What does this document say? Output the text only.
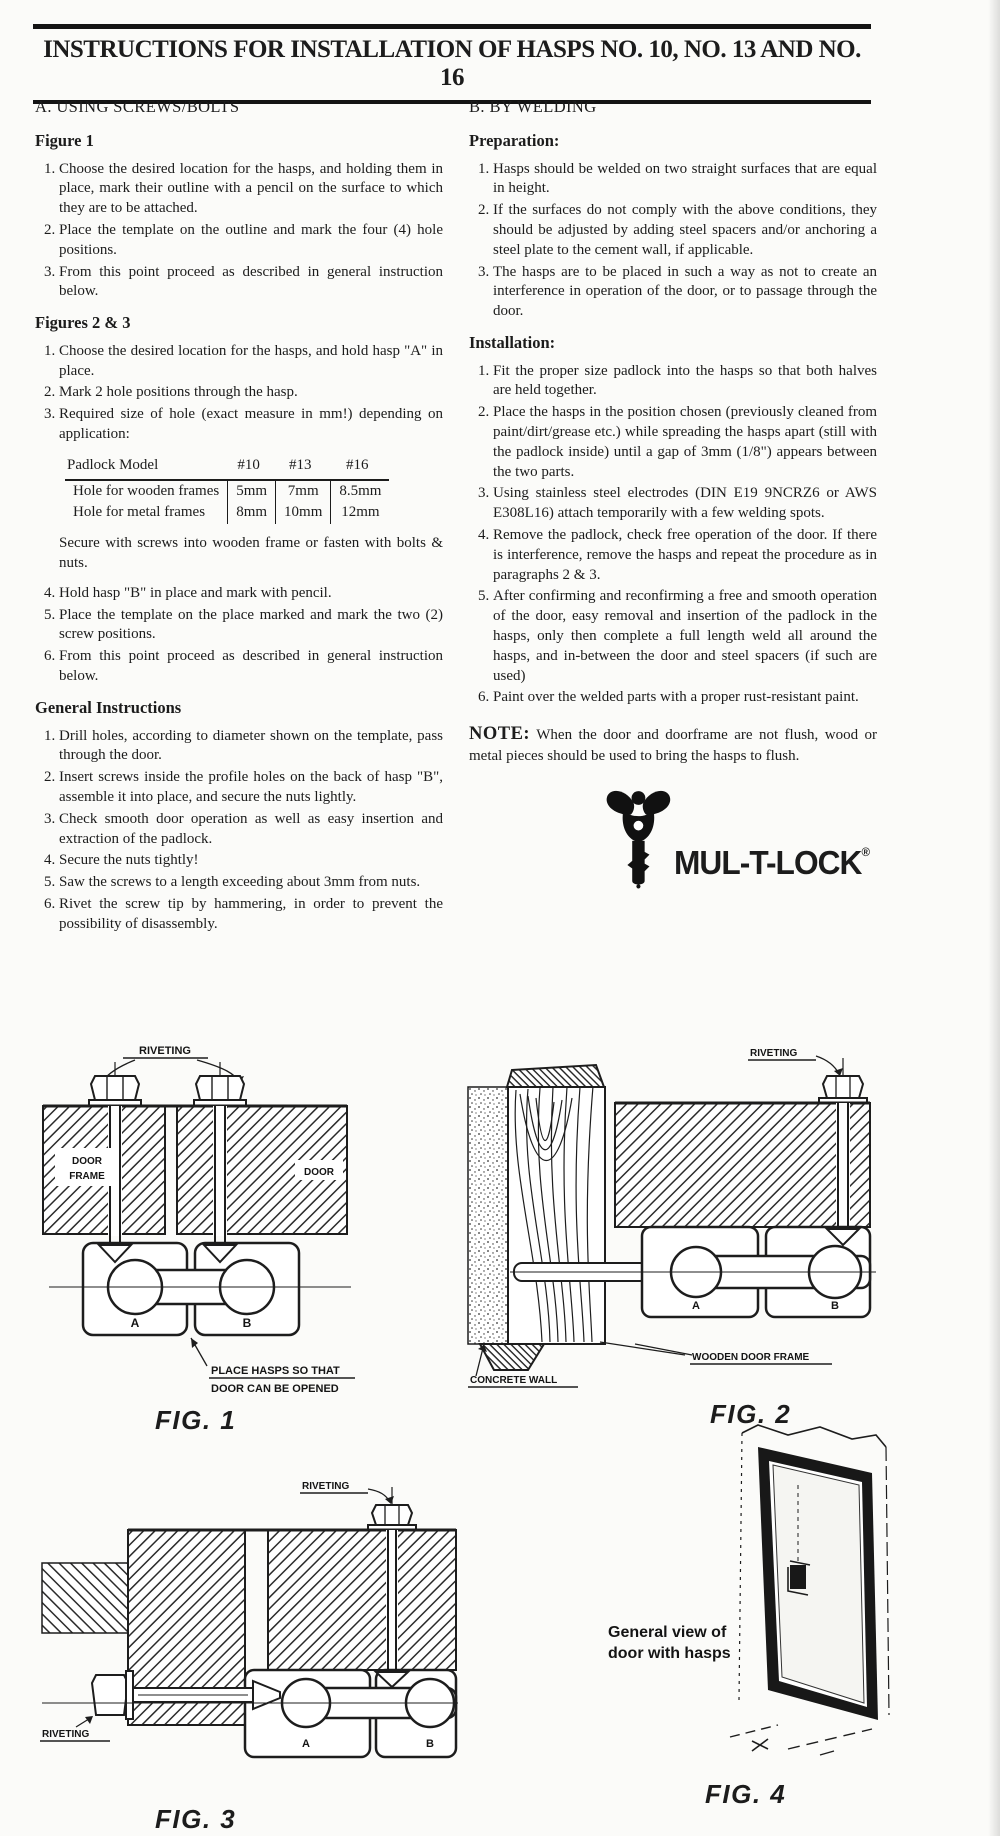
INSTRUCTIONS FOR INSTALLATION OF HASPS NO. 10, NO. 13 AND NO. 16
A. USING SCREWS/BOLTS
Figure 1
1. Choose the desired location for the hasps, and holding them in place, mark their outline with a pencil on the surface to which they are to be attached.
2. Place the template on the outline and mark the four (4) hole positions.
3. From this point proceed as described in general instruction below.
Figures 2 & 3
1. Choose the desired location for the hasps, and hold hasp "A" in place.
2. Mark 2 hole positions through the hasp.
3. Required size of hole (exact measure in mm!) depending on application:
Padlock Model	#10	#13	#16
Hole for wooden frames	5mm	7mm	8.5mm
Hole for metal frames	8mm	10mm	12mm
Secure with screws into wooden frame or fasten with bolts & nuts.
4. Hold hasp "B" in place and mark with pencil.
5. Place the template on the place marked and mark the two (2) screw positions.
6. From this point proceed as described in general instruction below.
General Instructions
1. Drill holes, according to diameter shown on the template, pass through the door.
2. Insert screws inside the profile holes on the back of hasp "B", assemble it into place, and secure the nuts lightly.
3. Check smooth door operation as well as easy insertion and extraction of the padlock.
4. Secure the nuts tightly!
5. Saw the screws to a length exceeding about 3mm from nuts.
6. Rivet the screw tip by hammering, in order to prevent the possibility of disassembly.
B. BY WELDING
Preparation:
1. Hasps should be welded on two straight surfaces that are equal in height.
2. If the surfaces do not comply with the above conditions, they should be adjusted by adding steel spacers and/or anchoring a steel plate to the cement wall, if applicable.
3. The hasps are to be placed in such a way as not to create an interference in operation of the door, or to passage through the door.
Installation:
1. Fit the proper size padlock into the hasps so that both halves are held together.
2. Place the hasps in the position chosen (previously cleaned from paint/dirt/grease etc.) while spreading the hasps apart (still with the padlock inside) until a gap of 3mm (1/8") appears between the two parts.
3. Using stainless steel electrodes (DIN E19 9NCRZ6 or AWS E308L16) attach temporarily with a few welding spots.
4. Remove the padlock, check free operation of the door. If there is interference, remove the hasps and repeat the procedure as in paragraphs 2 & 3.
5. After confirming and reconfirming a free and smooth operation of the door, easy removal and insertion of the padlock in the hasps, only then complete a full length weld all around the hasps, and in-between the door and steel spacers (if such are used)
6. Paint over the welded parts with a proper rust-resistant paint.
NOTE: When the door and doorframe are not flush, wood or metal pieces should be used to bring the hasps to flush.
MUL-T-LOCK®
RIVETING
DOOR
FRAME	DOOR
A	B
PLACE HASPS SO THAT
DOOR CAN BE OPENED
FIG. 1
RIVETING
A	B
WOODEN DOOR FRAME
CONCRETE WALL
FIG. 2
RIVETING
A	B
RIVETING
FIG. 3
General view of
door with hasps
FIG. 4
